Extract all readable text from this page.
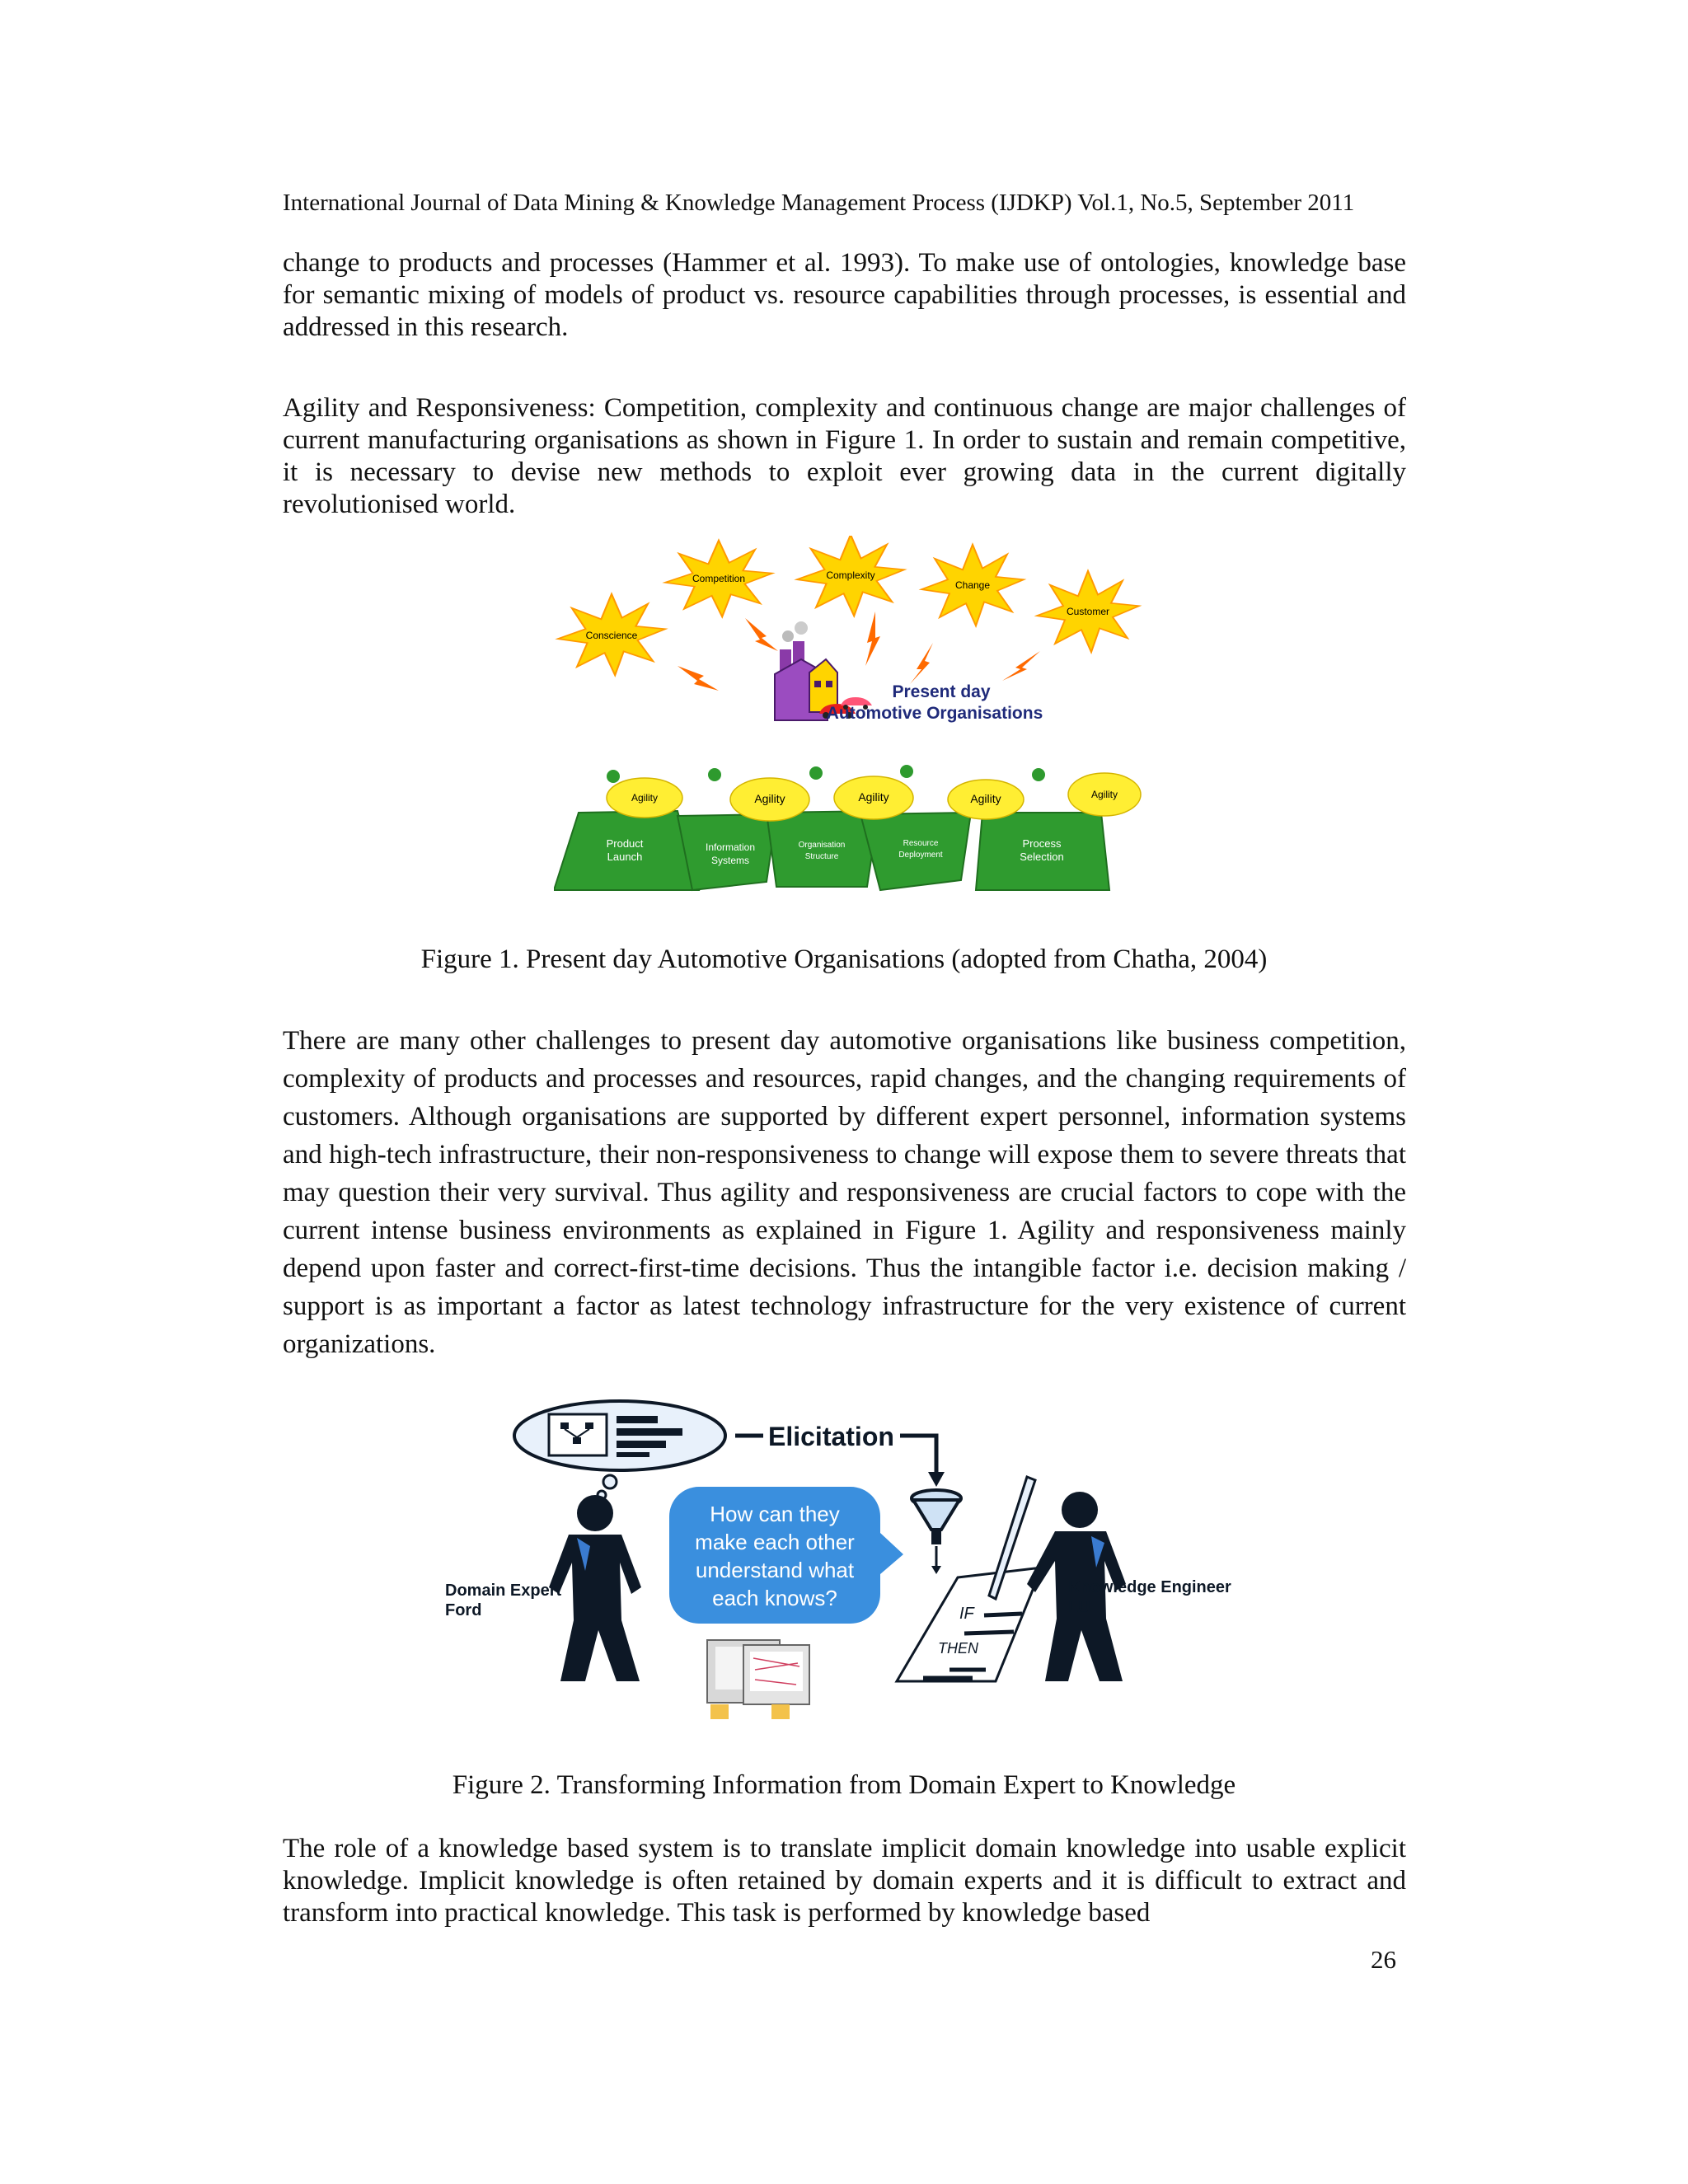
International Journal of Data Mining & Knowledge Management Process (IJDKP) Vol.1, No.5, September 2011

change to products and processes (Hammer et al. 1993). To make use of ontologies, knowledge base for semantic mixing of models of product vs. resource capabilities through processes, is essential and addressed in this research.

Agility and Responsiveness: Competition, complexity and continuous change are major challenges of current manufacturing organisations as shown in Figure 1. In order to sustain and remain competitive, it is necessary to devise new methods to exploit ever growing data in the current digitally revolutionised world.

Conscience
Competition	Complexity
Change
Customer
Present day
Automotive Organisations
Agility	Agility	Agility	Agility	Agility
Product
Launch
Information
Systems
Organisation
Structure
Resource
Deployment
Process
Selection
Figure 1. Present day Automotive Organisations (adopted from Chatha, 2004)

There are many other challenges to present day automotive organisations like business competition, complexity of products and processes and resources, rapid changes, and the changing requirements of customers. Although organisations are supported by different expert personnel, information systems and high-tech infrastructure, their non-responsiveness to change will expose them to severe threats that may question their very survival. Thus agility and responsiveness are crucial factors to cope with the current intense business environments as explained in Figure 1. Agility and responsiveness mainly depend upon faster and correct-first-time decisions. Thus the intangible factor i.e. decision making / support is as important a factor as latest technology infrastructure for the very existence of current organizations.

Elicitation
Domain Expert
Ford
How can they
make each other
understand what
each knows?
IF
THEN
Knowledge Engineer
LU
Figure 2. Transforming Information from Domain Expert to Knowledge

The role of a knowledge based system is to translate implicit domain knowledge into usable explicit knowledge. Implicit knowledge is often retained by domain experts and it is difficult to extract and transform into practical knowledge. This task is performed by knowledge based

26
